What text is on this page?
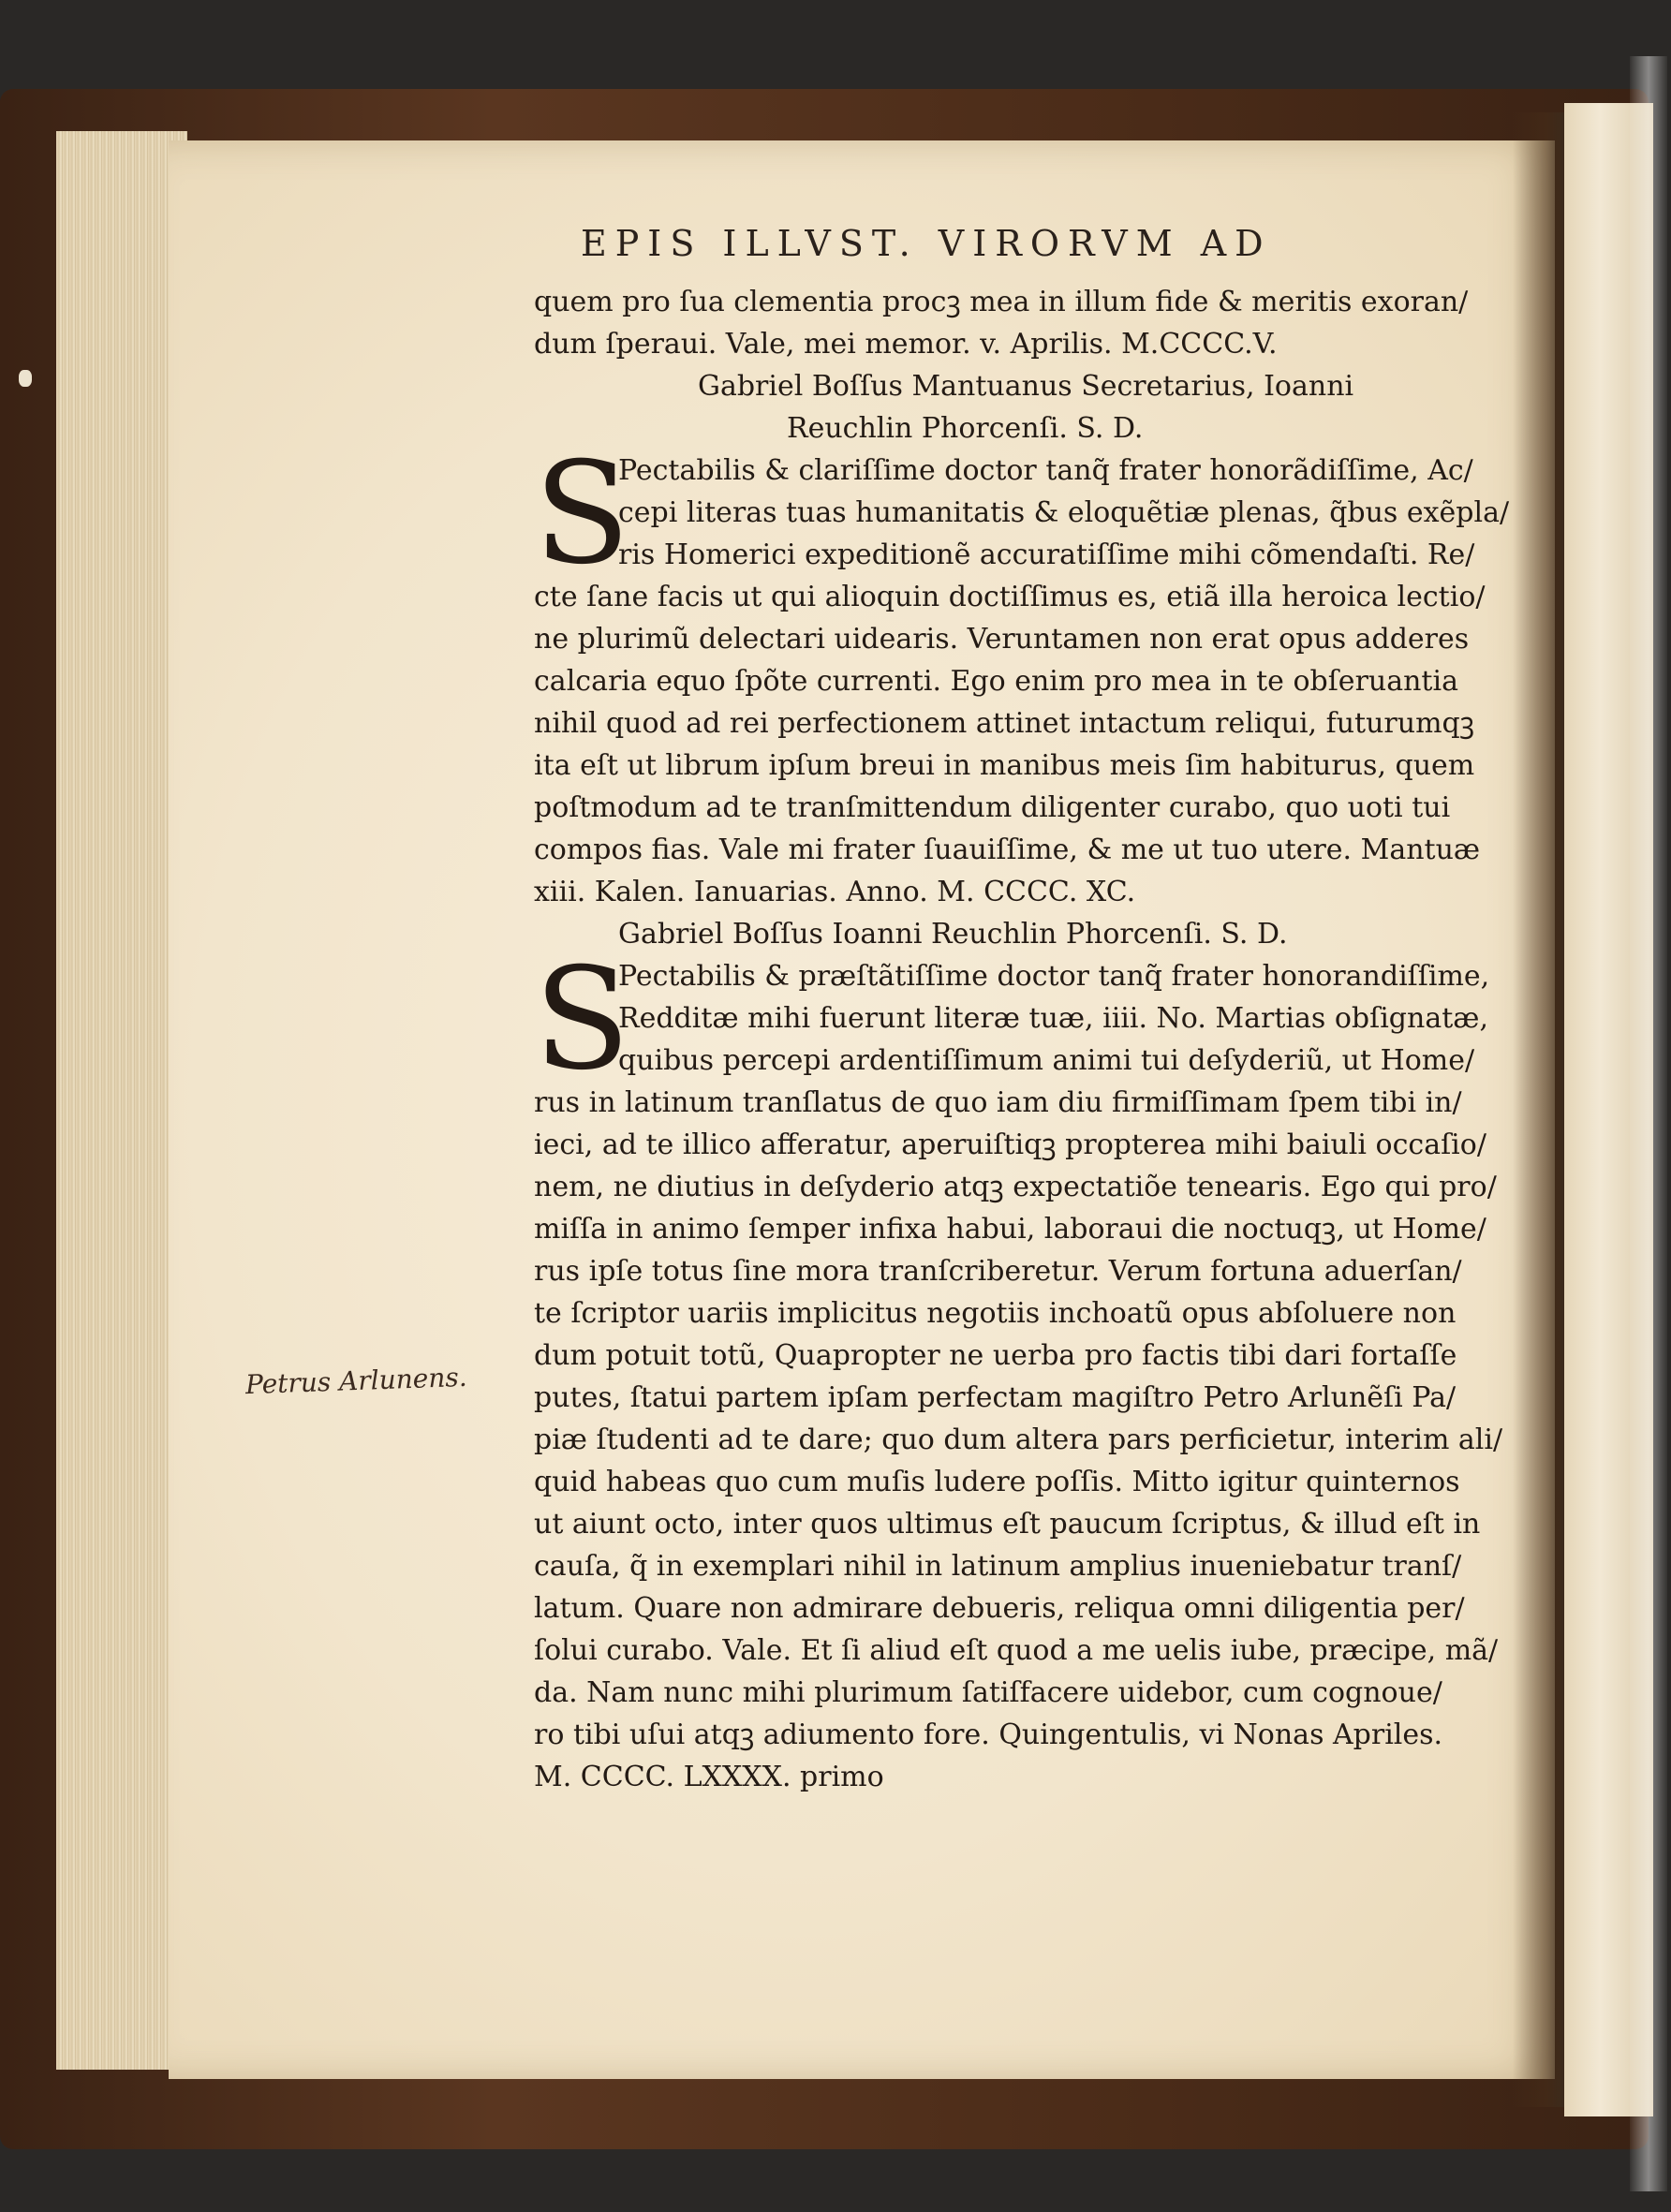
EPIS ILLVST. VIRORVM AD
quem pro ſua clementia procꝫ mea in illum fide & meritis exoran/
dum ſperaui. Vale, mei memor. v. Aprilis. M.CCCC.V.
Gabriel Boſſus Mantuanus Secretarius, Ioanni
Reuchlin Phorcenſi. S. D.
S
Pectabilis & clariſſime doctor tanq̃ frater honorãdiſſime, Ac/
cepi literas tuas humanitatis & eloquẽtiæ plenas, q̃bus exẽpla/
ris Homerici expeditionẽ accuratiſſime mihi cõmendaſti. Re/
cte ſane facis ut qui alioquin doctiſſimus es, etiã illa heroica lectio/
ne plurimũ delectari uidearis. Veruntamen non erat opus adderes
calcaria equo ſpõte currenti. Ego enim pro mea in te obſeruantia
nihil quod ad rei perfectionem attinet intactum reliqui, futurumqꝫ
ita eſt ut librum ipſum breui in manibus meis ſim habiturus, quem
poſtmodum ad te tranſmittendum diligenter curabo, quo uoti tui
compos fias. Vale mi frater ſuauiſſime, & me ut tuo utere. Mantuæ
xiii. Kalen. Ianuarias. Anno. M. CCCC. XC.
Gabriel Boſſus Ioanni Reuchlin Phorcenſi. S. D.
S
Pectabilis & præſtãtiſſime doctor tanq̃ frater honorandiſſime,
Redditæ mihi fuerunt literæ tuæ, iiii. No. Martias obſignatæ,
quibus percepi ardentiſſimum animi tui deſyderiũ, ut Home/
rus in latinum tranſlatus de quo iam diu firmiſſimam ſpem tibi in/
ieci, ad te illico afferatur, aperuiſtiqꝫ propterea mihi baiuli occaſio/
nem, ne diutius in deſyderio atqꝫ expectatiõe tenearis. Ego qui pro/
miſſa in animo ſemper infixa habui, laboraui die noctuqꝫ, ut Home/
rus ipſe totus ſine mora tranſcriberetur. Verum fortuna aduerſan/
te ſcriptor uariis implicitus negotiis inchoatũ opus abſoluere non
dum potuit totũ, Quapropter ne uerba pro factis tibi dari fortaſſe
putes, ſtatui partem ipſam perfectam magiſtro Petro Arlunẽſi Pa/
piæ ſtudenti ad te dare; quo dum altera pars perficietur, interim ali/
quid habeas quo cum muſis ludere poſſis. Mitto igitur quinternos
ut aiunt octo, inter quos ultimus eſt paucum ſcriptus, & illud eſt in
cauſa, q̃ in exemplari nihil in latinum amplius inueniebatur tranſ/
latum. Quare non admirare debueris, reliqua omni diligentia per/
ſolui curabo. Vale. Et ſi aliud eſt quod a me uelis iube, præcipe, mã/
da. Nam nunc mihi plurimum ſatiſfacere uidebor, cum cognoue/
ro tibi uſui atqꝫ adiumento fore. Quingentulis, vi Nonas Apriles.
M. CCCC. LXXXX. primo
Petrus Arlunens.
